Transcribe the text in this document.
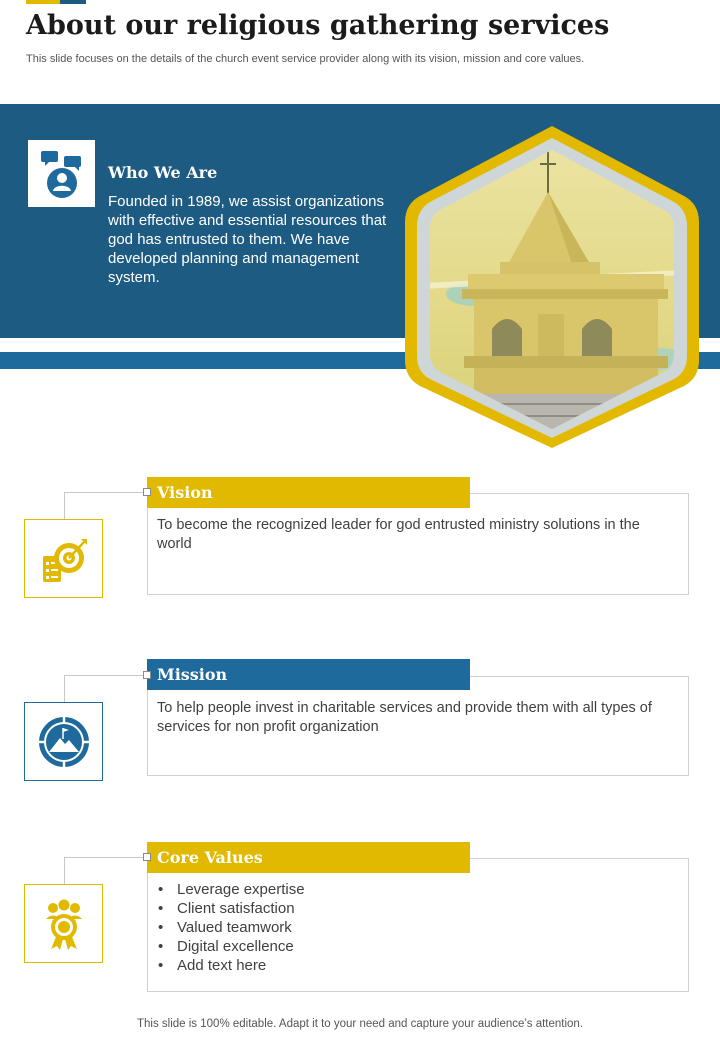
About our religious gathering services
This slide focuses on the details of the church event service provider along with its vision, mission and core values.
Who We Are
Founded in 1989, we assist organizations with effective and essential resources that god has entrusted to them. We have developed planning and management system.
Vision
To become the recognized leader for god entrusted ministry solutions in the world
Mission
To help people invest in charitable services and provide them with all types of services for non profit organization
Core Values
• Leverage expertise
• Client satisfaction
• Valued teamwork
• Digital excellence
• Add text here
This slide is 100% editable. Adapt it to your need and capture your audience’s attention.
